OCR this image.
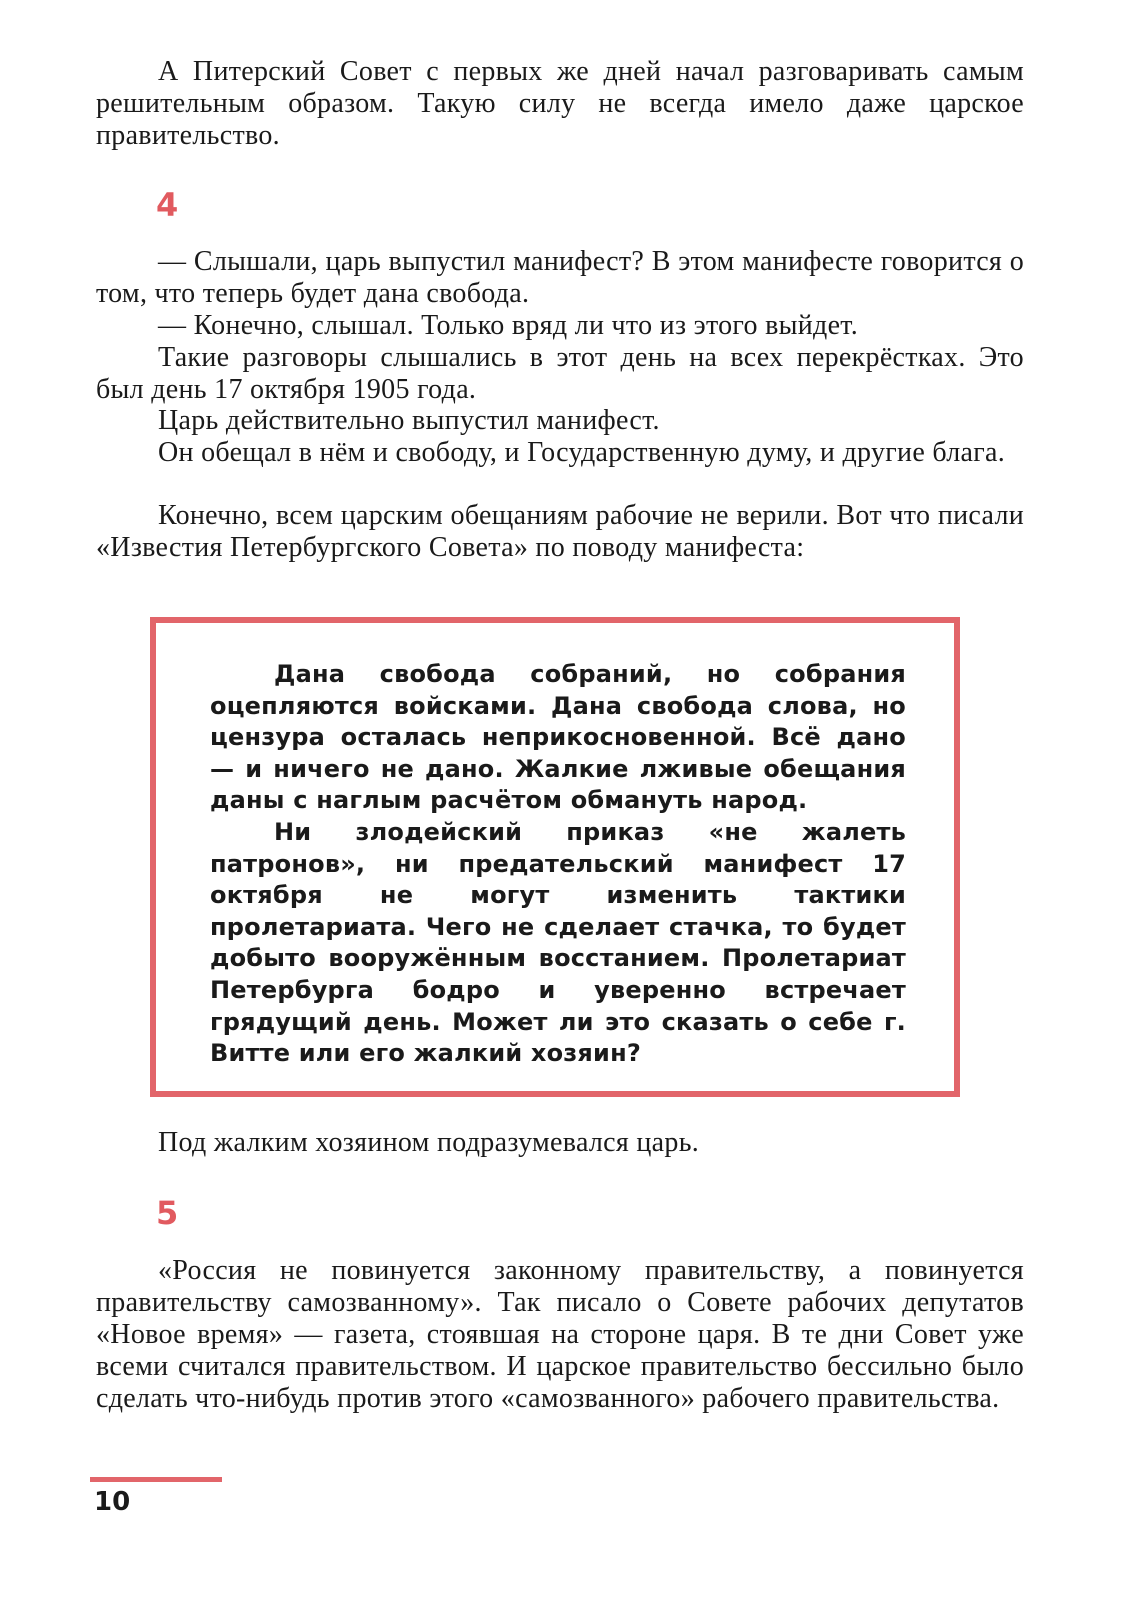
А Питерский Совет с первых же дней начал разговаривать самым решительным образом. Такую силу не всегда имело даже царское правительство.

4

— Слышали, царь выпустил манифест? В этом манифесте говорится о том, что теперь будет дана свобода.

— Конечно, слышал. Только вряд ли что из этого выйдет.

Такие разговоры слышались в этот день на всех перекрёстках. Это был день 17 октября 1905 года.

Царь действительно выпустил манифест.

Он обещал в нём и свободу, и Государственную думу, и другие блага.

Конечно, всем царским обещаниям рабочие не верили. Вот что писали «Известия Петербургского Совета» по поводу манифеста:

Дана свобода собраний, но собрания оцепляются войсками. Дана свобода слова, но цензура осталась неприкосновенной. Всё дано — и ничего не дано. Жалкие лживые обещания даны с наглым расчётом обмануть народ.

Ни злодейский приказ «не жалеть патронов», ни предательский манифест 17 октября не могут изменить тактики пролетариата. Чего не сделает стачка, то будет добыто вооружённым восстанием. Пролетариат Петербурга бодро и уверенно встречает грядущий день. Может ли это сказать о себе г. Витте или его жалкий хозяин?

Под жалким хозяином подразумевался царь.

5

«Россия не повинуется законному правительству, а повинуется правительству самозванному». Так писало о Совете рабочих депутатов «Новое время» — газета, стоявшая на стороне царя. В те дни Совет уже всеми считался правительством. И царское правительство бессильно было сделать что-нибудь против этого «самозванного» рабочего правительства.

10
